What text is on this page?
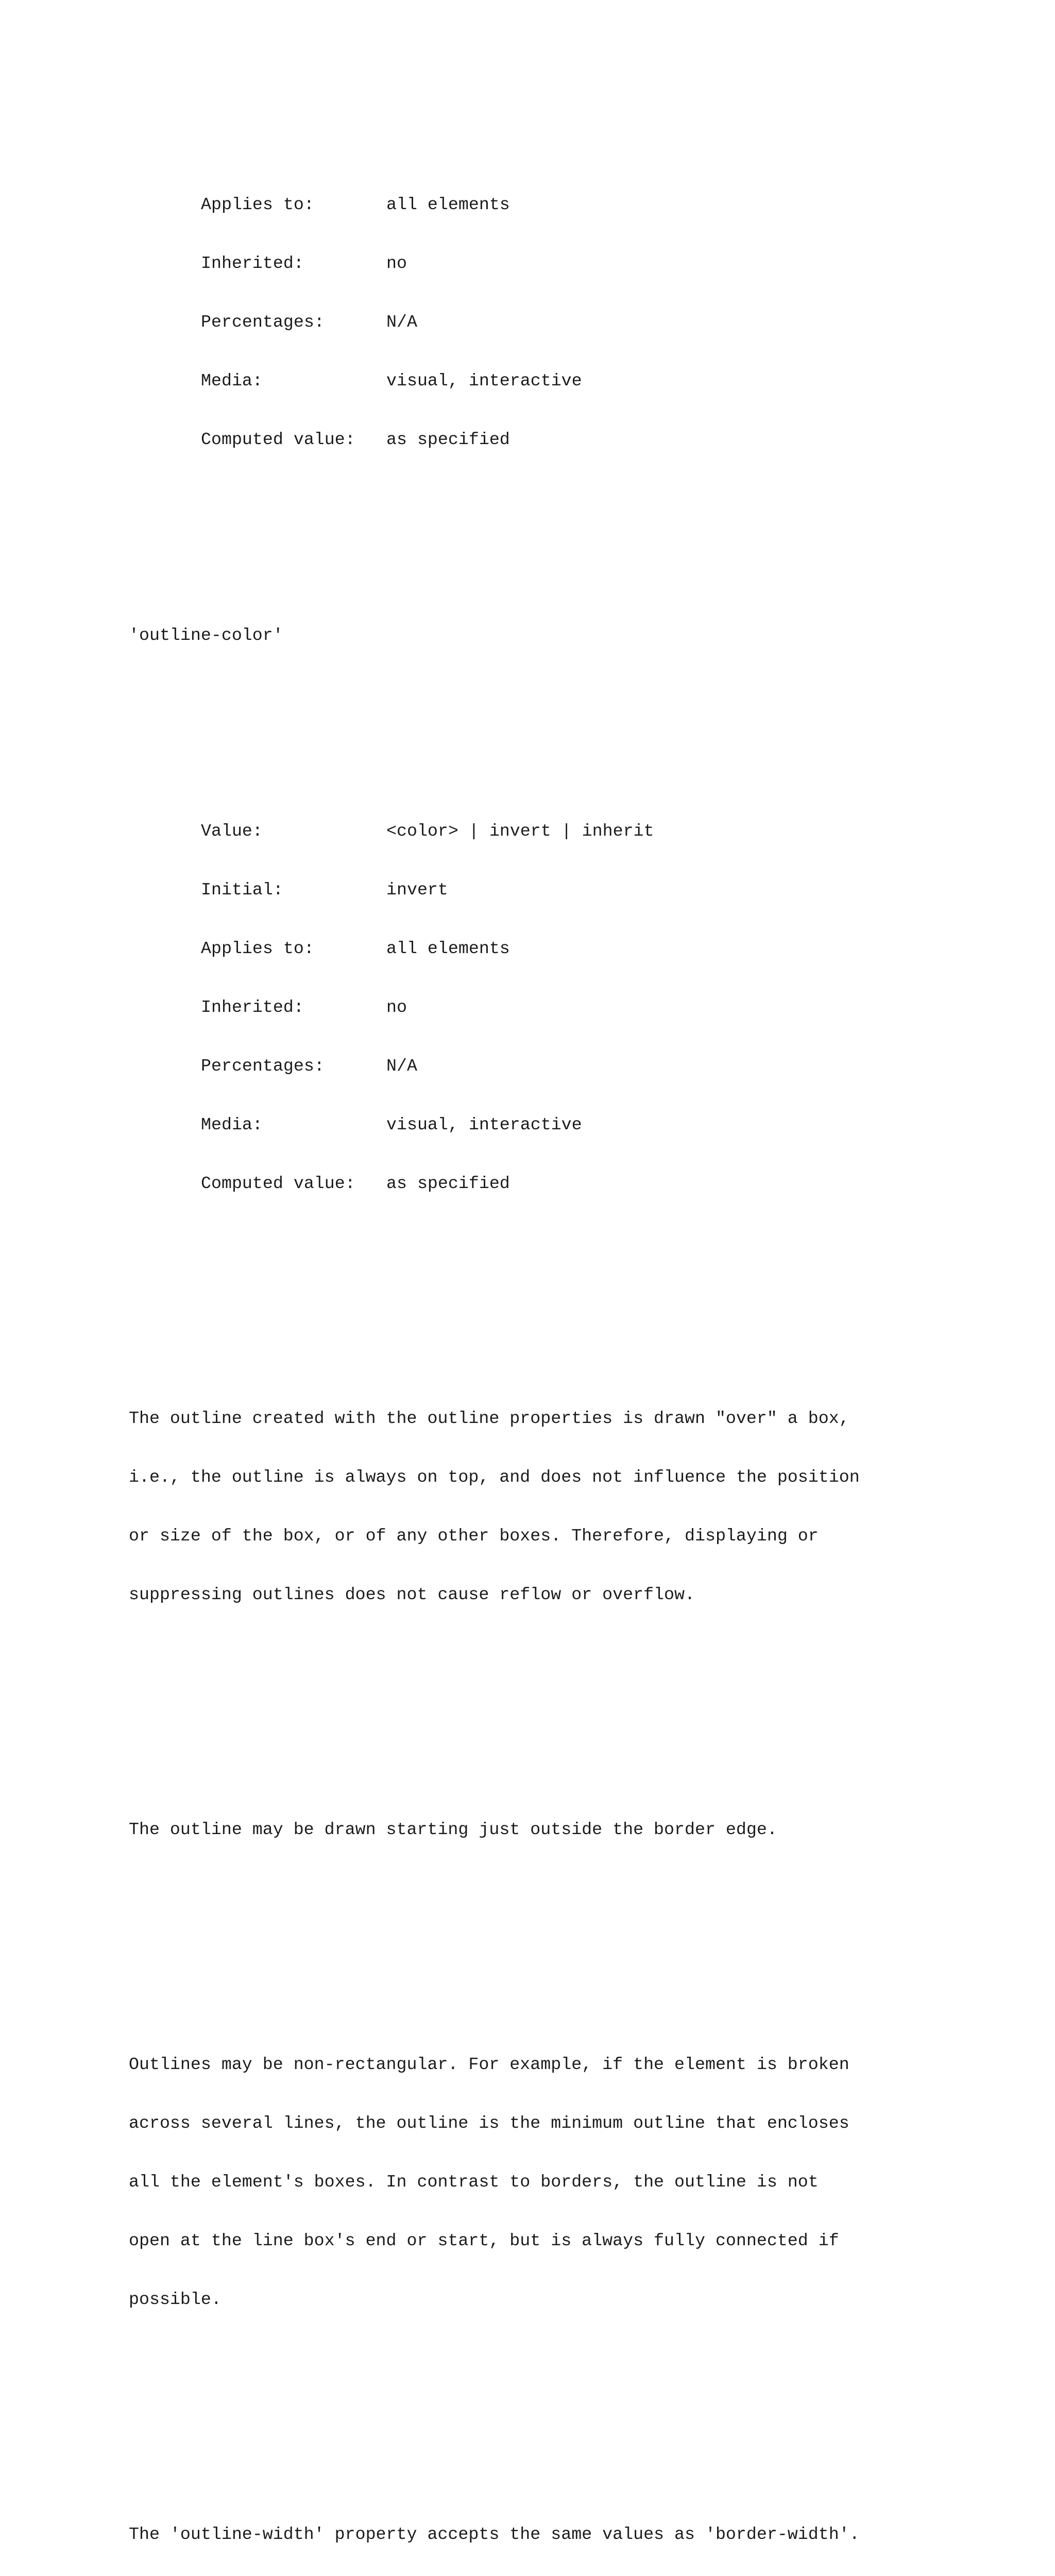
Applies to:	all elements

Inherited:	no

Percentages:	N/A

Media:	visual, interactive

Computed value: as specified

'outline-color'

Value:	<color> | invert | inherit

Initial:	invert

Applies to:	all elements

Inherited:	no

Percentages:	N/A

Media:	visual, interactive

Computed value: as specified

The outline created with the outline properties is drawn "over" a box,

i.e., the outline is always on top, and does not influence the position

or size of the box, or of any other boxes. Therefore, displaying or

suppressing outlines does not cause reflow or overflow.

The outline may be drawn starting just outside the border edge.

Outlines may be non-rectangular. For example, if the element is broken

across several lines, the outline is the minimum outline that encloses

all the element's boxes. In contrast to borders, the outline is not

open at the line box's end or start, but is always fully connected if

possible.

The 'outline-width' property accepts the same values as 'border-width'.
